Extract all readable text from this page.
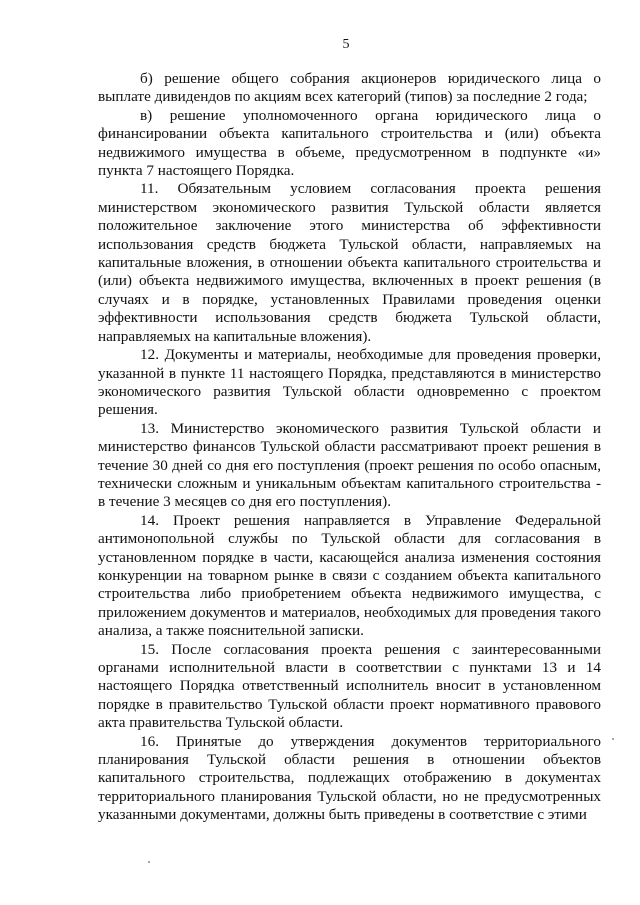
5

б) решение общего собрания акционеров юридического лица о выплате дивидендов по акциям всех категорий (типов) за последние 2 года;

в) решение уполномоченного органа юридического лица о финансировании объекта капитального строительства и (или) объекта недвижимого имущества в объеме, предусмотренном в подпункте «и» пункта 7 настоящего Порядка.

11. Обязательным условием согласования проекта решения министерством экономического развития Тульской области является положительное заключение этого министерства об эффективности использования средств бюджета Тульской области, направляемых на капитальные вложения, в отношении объекта капитального строительства и (или) объекта недвижимого имущества, включенных в проект решения (в случаях и в порядке, установленных Правилами проведения оценки эффективности использования средств бюджета Тульской области, направляемых на капитальные вложения).

12. Документы и материалы, необходимые для проведения проверки, указанной в пункте 11 настоящего Порядка, представляются в министерство экономического развития Тульской области одновременно с проектом решения.

13. Министерство экономического развития Тульской области и министерство финансов Тульской области рассматривают проект решения в течение 30 дней со дня его поступления (проект решения по особо опасным, технически сложным и уникальным объектам капитального строительства - в течение 3 месяцев со дня его поступления).

14. Проект решения направляется в Управление Федеральной антимонопольной службы по Тульской области для согласования в установленном порядке в части, касающейся анализа изменения состояния конкуренции на товарном рынке в связи с созданием объекта капитального строительства либо приобретением объекта недвижимого имущества, с приложением документов и материалов, необходимых для проведения такого анализа, а также пояснительной записки.

15. После согласования проекта решения с заинтересованными органами исполнительной власти в соответствии с пунктами 13 и 14 настоящего Порядка ответственный исполнитель вносит в установленном порядке в правительство Тульской области проект нормативного правового акта правительства Тульской области.

16. Принятые до утверждения документов территориального планирования Тульской области решения в отношении объектов капитального строительства, подлежащих отображению в документах территориального планирования Тульской области, но не предусмотренных указанными документами, должны быть приведены в соответствие с этими
